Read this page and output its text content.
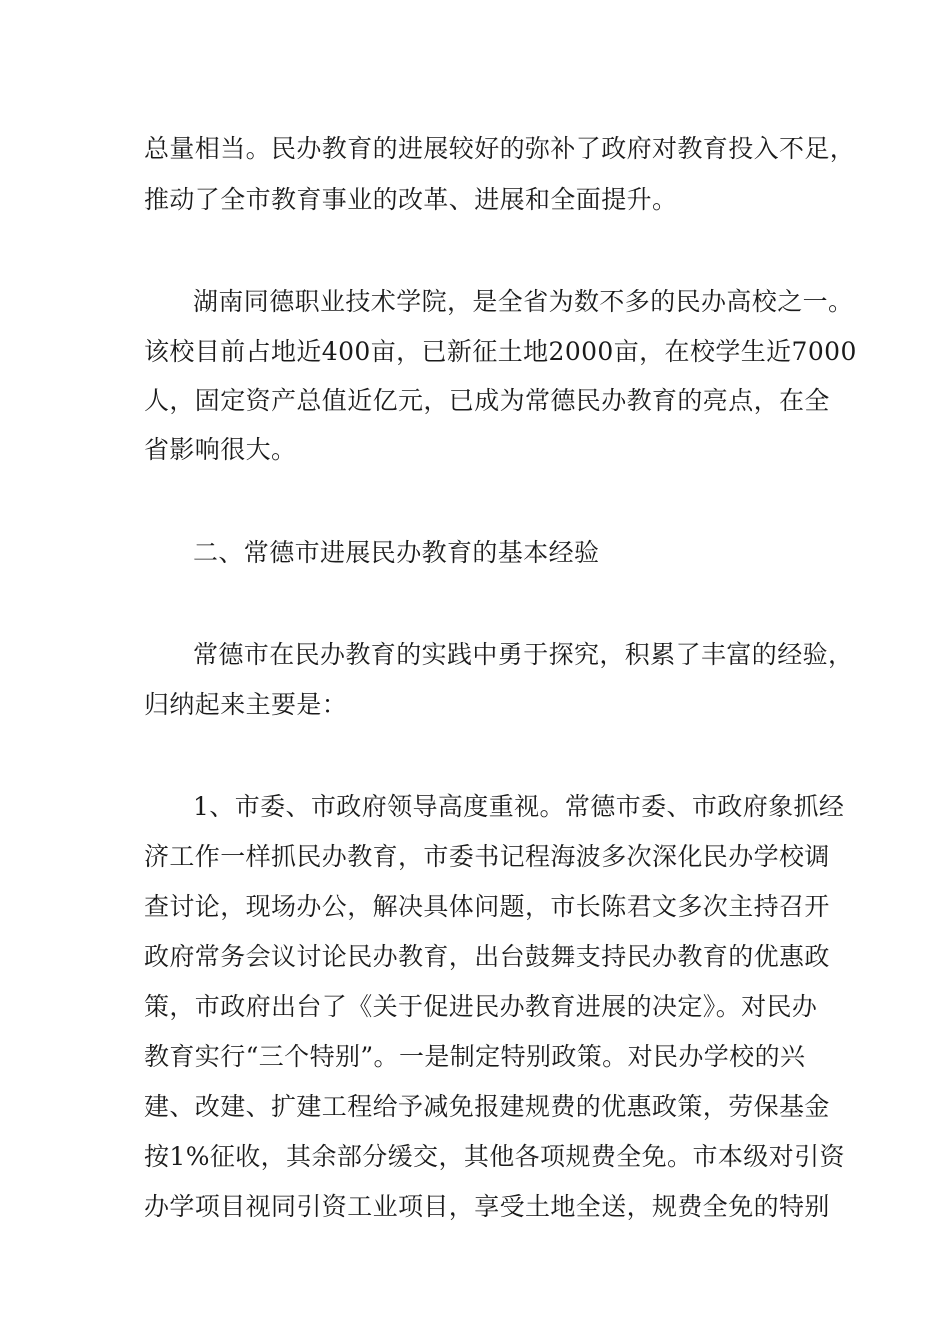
总量相当。民办教育的进展较好的弥补了政府对教育投入不足，

推动了全市教育事业的改革、进展和全面提升。

湖南同德职业技术学院，是全省为数不多的民办高校之一。

该校目前占地近400亩，已新征土地2000亩，在校学生近7000

人，固定资产总值近亿元，已成为常德民办教育的亮点，在全

省影响很大。

二、常德市进展民办教育的基本经验

常德市在民办教育的实践中勇于探究，积累了丰富的经验，

归纳起来主要是：

1、市委、市政府领导高度重视。常德市委、市政府象抓经

济工作一样抓民办教育，市委书记程海波多次深化民办学校调

查讨论，现场办公，解决具体问题，市长陈君文多次主持召开

政府常务会议讨论民办教育，出台鼓舞支持民办教育的优惠政

策，市政府出台了《关于促进民办教育进展的决定》。对民办

教育实行“三个特别”。一是制定特别政策。对民办学校的兴

建、改建、扩建工程给予减免报建规费的优惠政策，劳保基金

按1%征收，其余部分缓交，其他各项规费全免。市本级对引资

办学项目视同引资工业项目，享受土地全送，规费全免的特别
